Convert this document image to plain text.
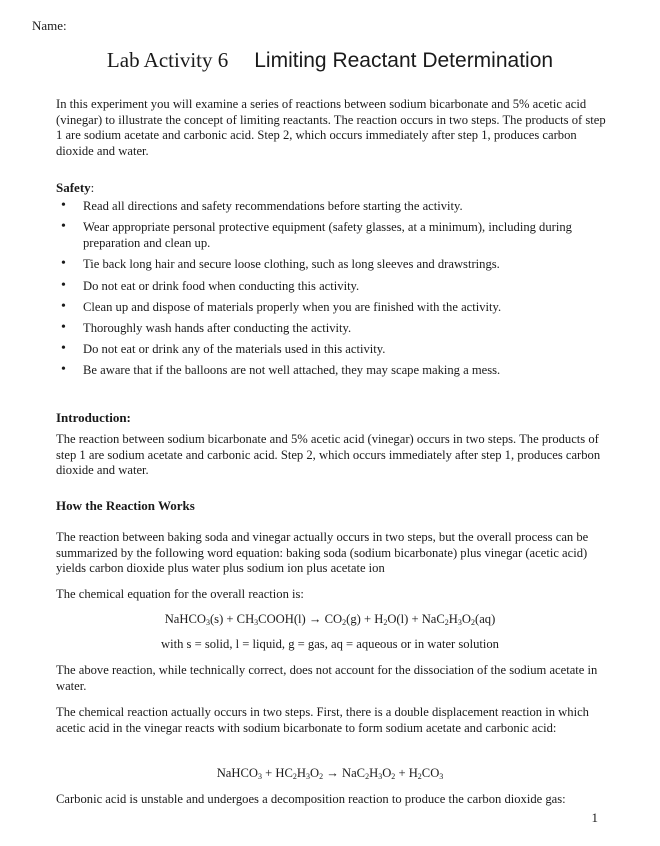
Name:
Lab Activity 6 Limiting Reactant Determination
In this experiment you will examine a series of reactions between sodium bicarbonate and 5% acetic acid (vinegar) to illustrate the concept of limiting reactants. The reaction occurs in two steps. The products of step 1 are sodium acetate and carbonic acid. Step 2, which occurs immediately after step 1, produces carbon dioxide and water.
Safety:
• Read all directions and safety recommendations before starting the activity.
• Wear appropriate personal protective equipment (safety glasses, at a minimum), including during preparation and clean up.
• Tie back long hair and secure loose clothing, such as long sleeves and drawstrings.
• Do not eat or drink food when conducting this activity.
• Clean up and dispose of materials properly when you are finished with the activity.
• Thoroughly wash hands after conducting the activity.
• Do not eat or drink any of the materials used in this activity.
• Be aware that if the balloons are not well attached, they may scape making a mess.
Introduction:
The reaction between sodium bicarbonate and 5% acetic acid (vinegar) occurs in two steps. The products of step 1 are sodium acetate and carbonic acid. Step 2, which occurs immediately after step 1, produces carbon dioxide and water.
How the Reaction Works
The reaction between baking soda and vinegar actually occurs in two steps, but the overall process can be summarized by the following word equation: baking soda (sodium bicarbonate) plus vinegar (acetic acid) yields carbon dioxide plus water plus sodium ion plus acetate ion
The chemical equation for the overall reaction is:
NaHCO$_3$(s) + $CH_3COOH(l) \to CO_2(g) + H_2O(l) + NaC_2H_3O_2(aq)$
with s = solid, l = liquid, g = gas, aq = aqueous or in water solution
The above reaction, while technically correct, does not account for the dissociation of the sodium acetate in water.
The chemical reaction actually occurs in two steps. First, there is a double displacement reaction in which acetic acid in the vinegar reacts with sodium bicarbonate to form sodium acetate and carbonic acid:
NaHCO$_3$ + $HC_2H_3O_2 \to NaC_2H_3O_2 + H_2CO_3$
Carbonic acid is unstable and undergoes a decomposition reaction to produce the carbon dioxide gas:
1
